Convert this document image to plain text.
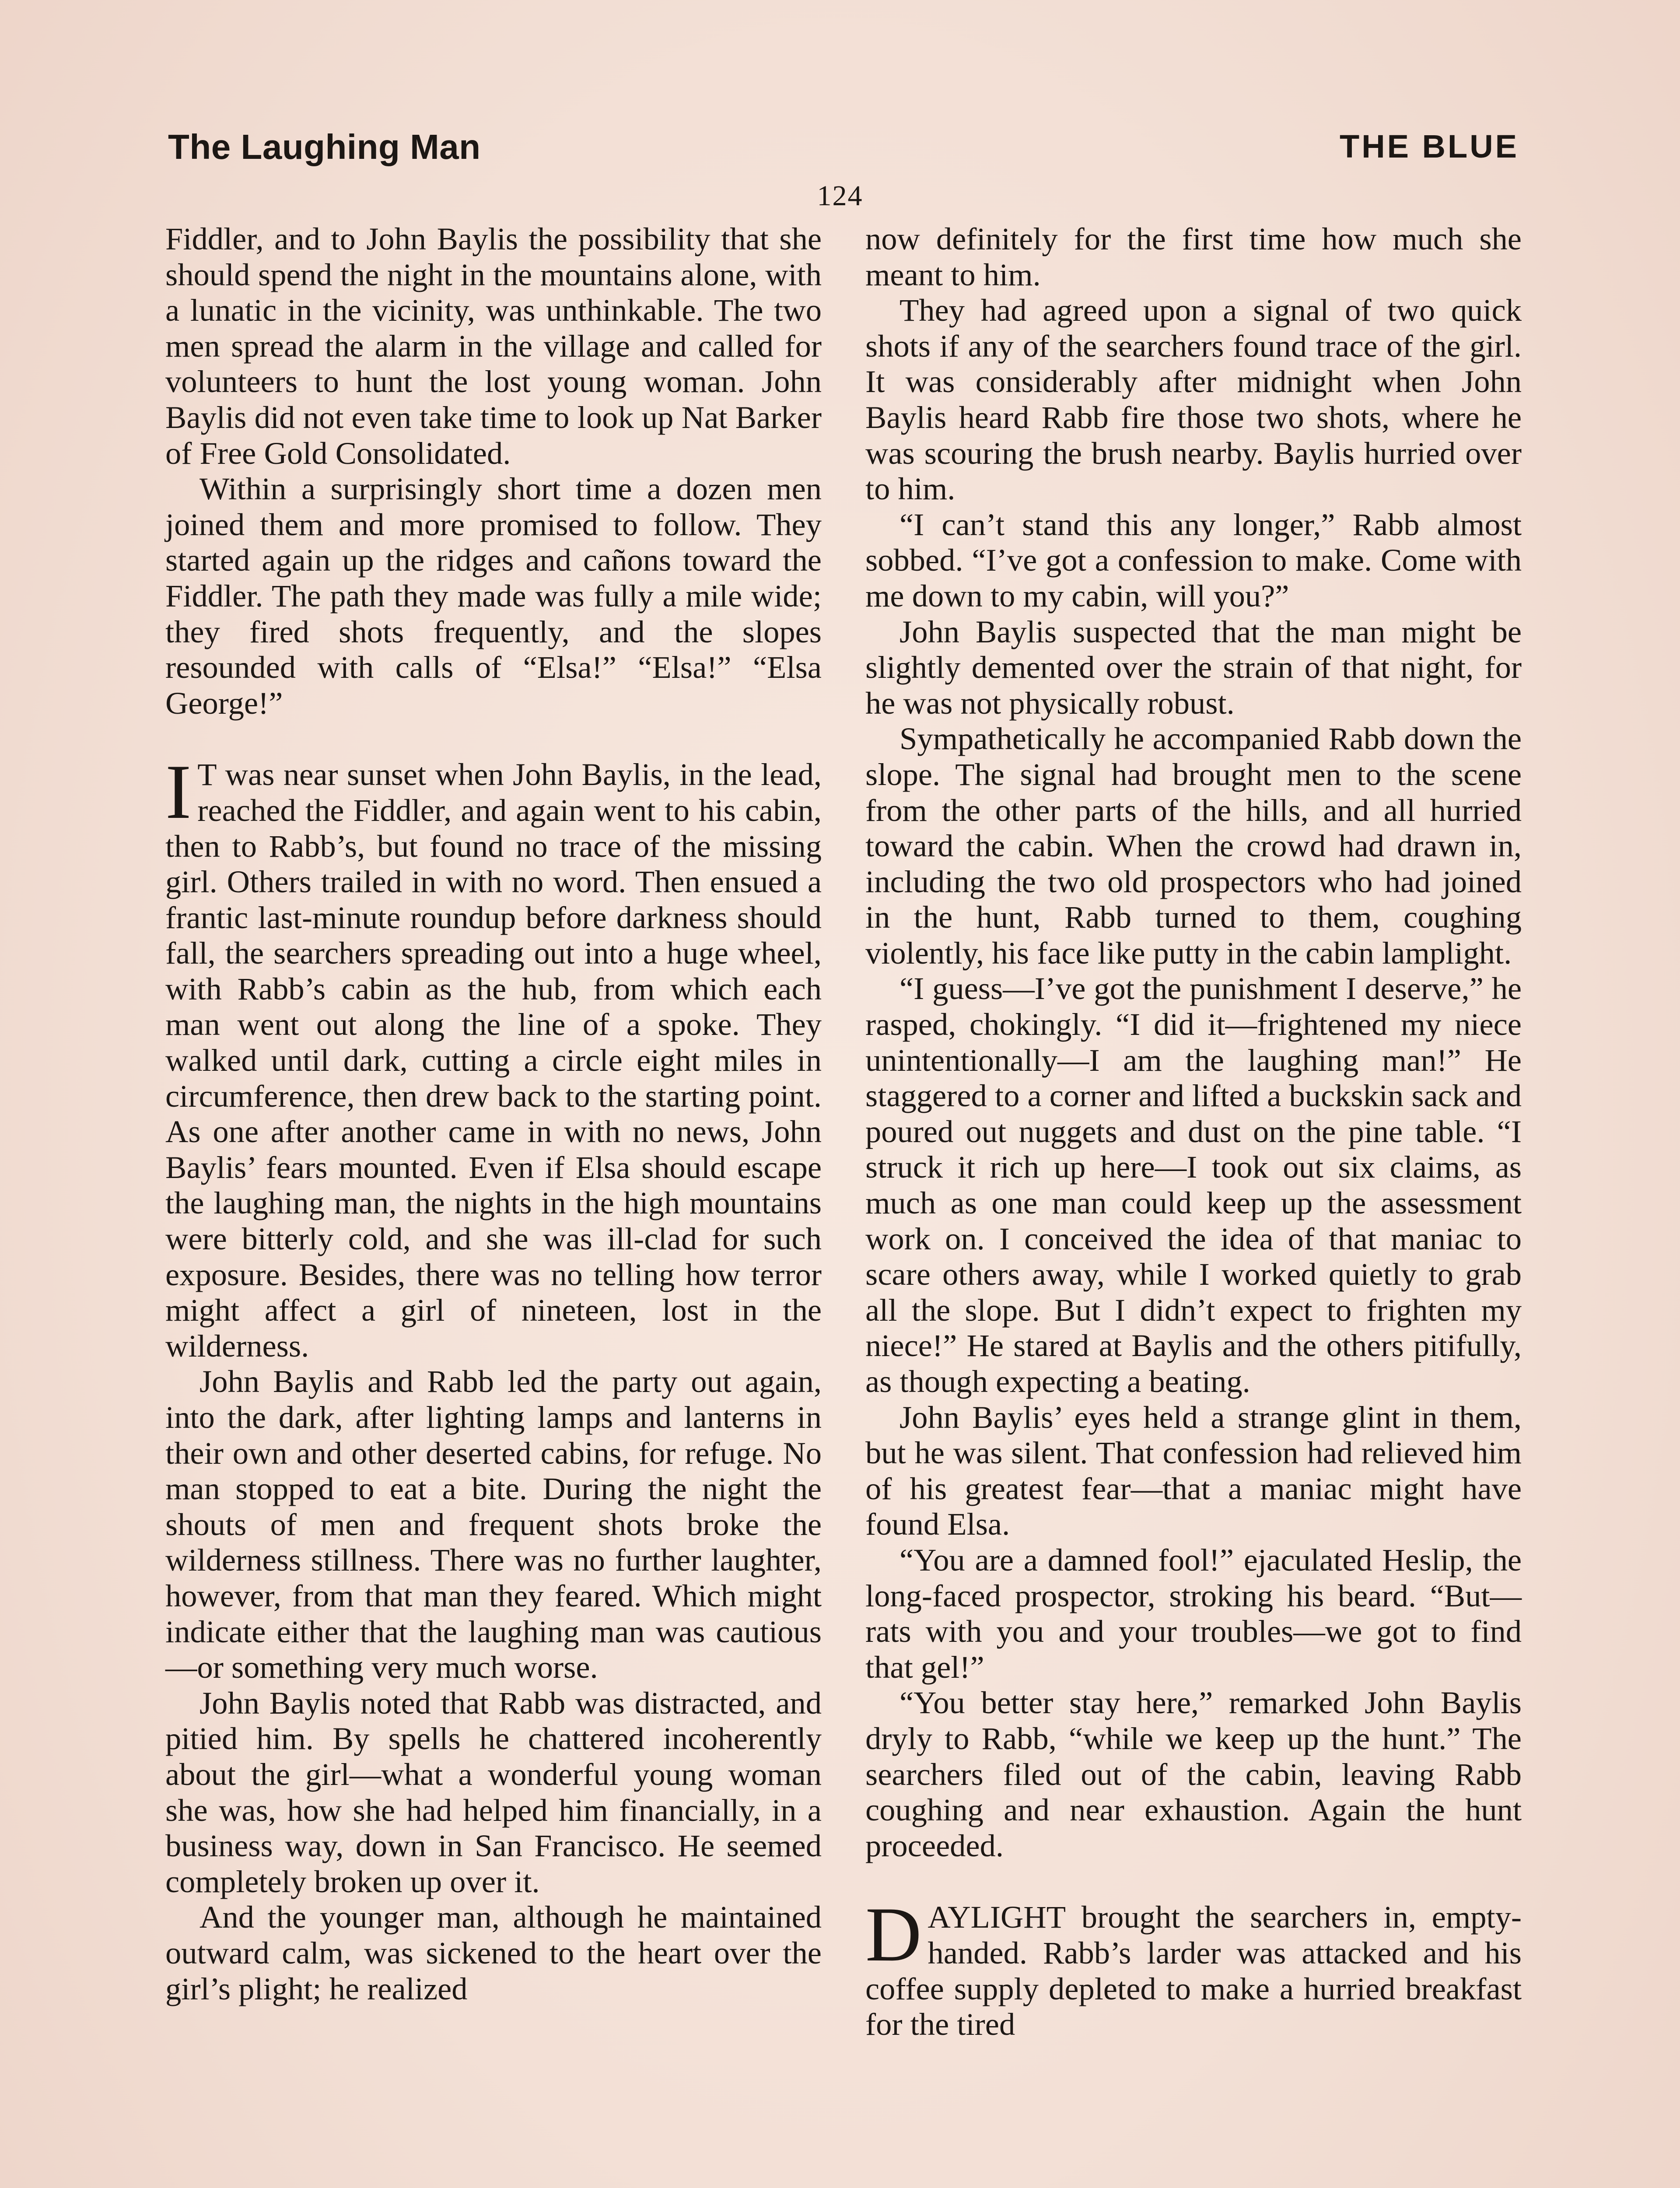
The Laughing Man	THE BLUE
124

Fiddler, and to John Baylis the possibility that she should spend the night in the mountains alone, with a lunatic in the vicinity, was unthinkable. The two men spread the alarm in the village and called for volunteers to hunt the lost young woman. John Baylis did not even take time to look up Nat Barker of Free Gold Consolidated.

Within a surprisingly short time a dozen men joined them and more promised to follow. They started again up the ridges and cañons toward the Fiddler. The path they made was fully a mile wide; they fired shots frequently, and the slopes resounded with calls of “Elsa!” “Elsa!” “Elsa George!”

I T was near sunset when John Baylis, in the lead, reached the Fiddler, and again went to his cabin, then to Rabb’s, but found no trace of the missing girl. Others trailed in with no word. Then ensued a frantic last-minute roundup before darkness should fall, the searchers spreading out into a huge wheel, with Rabb’s cabin as the hub, from which each man went out along the line of a spoke. They walked until dark, cutting a circle eight miles in circumference, then drew back to the starting point. As one after another came in with no news, John Baylis’ fears mounted. Even if Elsa should escape the laughing man, the nights in the high mountains were bitterly cold, and she was ill-clad for such exposure. Besides, there was no telling how terror might affect a girl of nineteen, lost in the wilderness.

John Baylis and Rabb led the party out again, into the dark, after lighting lamps and lanterns in their own and other deserted cabins, for refuge. No man stopped to eat a bite. During the night the shouts of men and frequent shots broke the wilderness stillness. There was no further laughter, however, from that man they feared. Which might indicate either that the laughing man was cautious—or something very much worse.

John Baylis noted that Rabb was distracted, and pitied him. By spells he chattered incoherently about the girl—what a wonderful young woman she was, how she had helped him financially, in a business way, down in San Francisco. He seemed completely broken up over it.

And the younger man, although he maintained outward calm, was sickened to the heart over the girl’s plight; he realized

now definitely for the first time how much she meant to him.

They had agreed upon a signal of two quick shots if any of the searchers found trace of the girl. It was considerably after midnight when John Baylis heard Rabb fire those two shots, where he was scouring the brush nearby. Baylis hurried over to him.

“I can’t stand this any longer,” Rabb almost sobbed. “I’ve got a confession to make. Come with me down to my cabin, will you?”

John Baylis suspected that the man might be slightly demented over the strain of that night, for he was not physically robust.

Sympathetically he accompanied Rabb down the slope. The signal had brought men to the scene from the other parts of the hills, and all hurried toward the cabin. When the crowd had drawn in, including the two old prospectors who had joined in the hunt, Rabb turned to them, coughing violently, his face like putty in the cabin lamplight.

“I guess—I’ve got the punishment I deserve,” he rasped, chokingly. “I did it—frightened my niece unintentionally—I am the laughing man!” He staggered to a corner and lifted a buckskin sack and poured out nuggets and dust on the pine table. “I struck it rich up here—I took out six claims, as much as one man could keep up the assessment work on. I conceived the idea of that maniac to scare others away, while I worked quietly to grab all the slope. But I didn’t expect to frighten my niece!” He stared at Baylis and the others pitifully, as though expecting a beating.

John Baylis’ eyes held a strange glint in them, but he was silent. That confession had relieved him of his greatest fear—that a maniac might have found Elsa.

“You are a damned fool!” ejaculated Heslip, the long-faced prospector, stroking his beard. “But—rats with you and your troubles—we got to find that gel!”

“You better stay here,” remarked John Baylis dryly to Rabb, “while we keep up the hunt.” The searchers filed out of the cabin, leaving Rabb coughing and near exhaustion. Again the hunt proceeded.

DAYLIGHT brought the searchers in, empty-handed. Rabb’s larder was attacked and his coffee supply depleted to make a hurried breakfast for the tired
